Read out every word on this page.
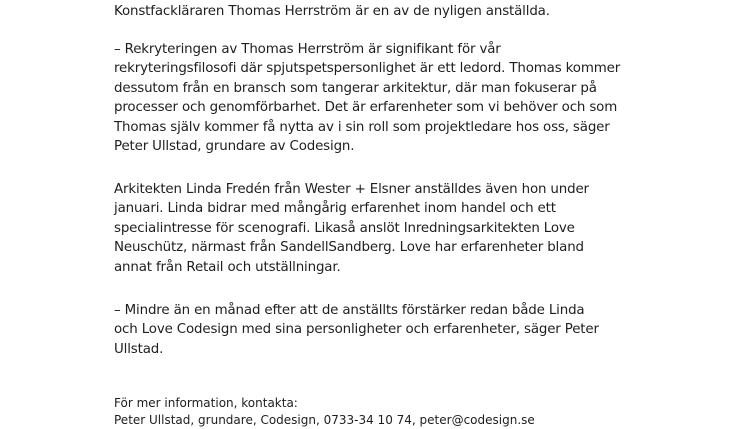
Konstfackläraren Thomas Herrström är en av de nyligen anställda.

– Rekryteringen av Thomas Herrström är signifikant för vår
rekryteringsfilosofi där spjutspetspersonlighet är ett ledord. Thomas kommer
dessutom från en bransch som tangerar arkitektur, där man fokuserar på
processer och genomförbarhet. Det är erfarenheter som vi behöver och som
Thomas själv kommer få nytta av i sin roll som projektledare hos oss, säger
Peter Ullstad, grundare av Codesign.

Arkitekten Linda Fredén från Wester + Elsner anställdes även hon under
januari. Linda bidrar med mångårig erfarenhet inom handel och ett
specialintresse för scenografi. Likaså anslöt Inredningsarkitekten Love
Neuschütz, närmast från SandellSandberg. Love har erfarenheter bland
annat från Retail och utställningar.

– Mindre än en månad efter att de anställts förstärker redan både Linda
och Love Codesign med sina personligheter och erfarenheter, säger Peter
Ullstad.

För mer information, kontakta:

Peter Ullstad, grundare, Codesign, 0733-34 10 74, peter@codesign.se
